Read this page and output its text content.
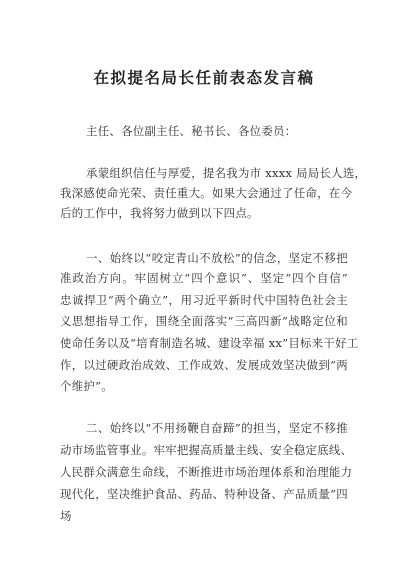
在拟提名局长任前表态发言稿
主任、各位副主任、秘书长、各位委员：
承蒙组织信任与厚爱，提名我为市 xxxx 局局长人选，
我深感使命光荣、责任重大。如果大会通过了任命，在今
后的工作中，我将努力做到以下四点。
一、始终以“咬定青山不放松”的信念，坚定不移把
准政治方向。牢固树立“四个意识”、坚定“四个自信”
忠诚捍卫“两个确立”，用习近平新时代中国特色社会主
义思想指导工作，围绕全面落实“三高四新”战略定位和
使命任务以及“培育制造名城、建设幸福 xx”目标来干好工
作，以过硬政治成效、工作成效、发展成效坚决做到“两
个维护”。
二、始终以“不用扬鞭自奋蹄”的担当，坚定不移推
动市场监管事业。牢牢把握高质量主线、安全稳定底线、
人民群众满意生命线，不断推进市场治理体系和治理能力
现代化，坚决维护食品、药品、特种设备、产品质量“四
场
